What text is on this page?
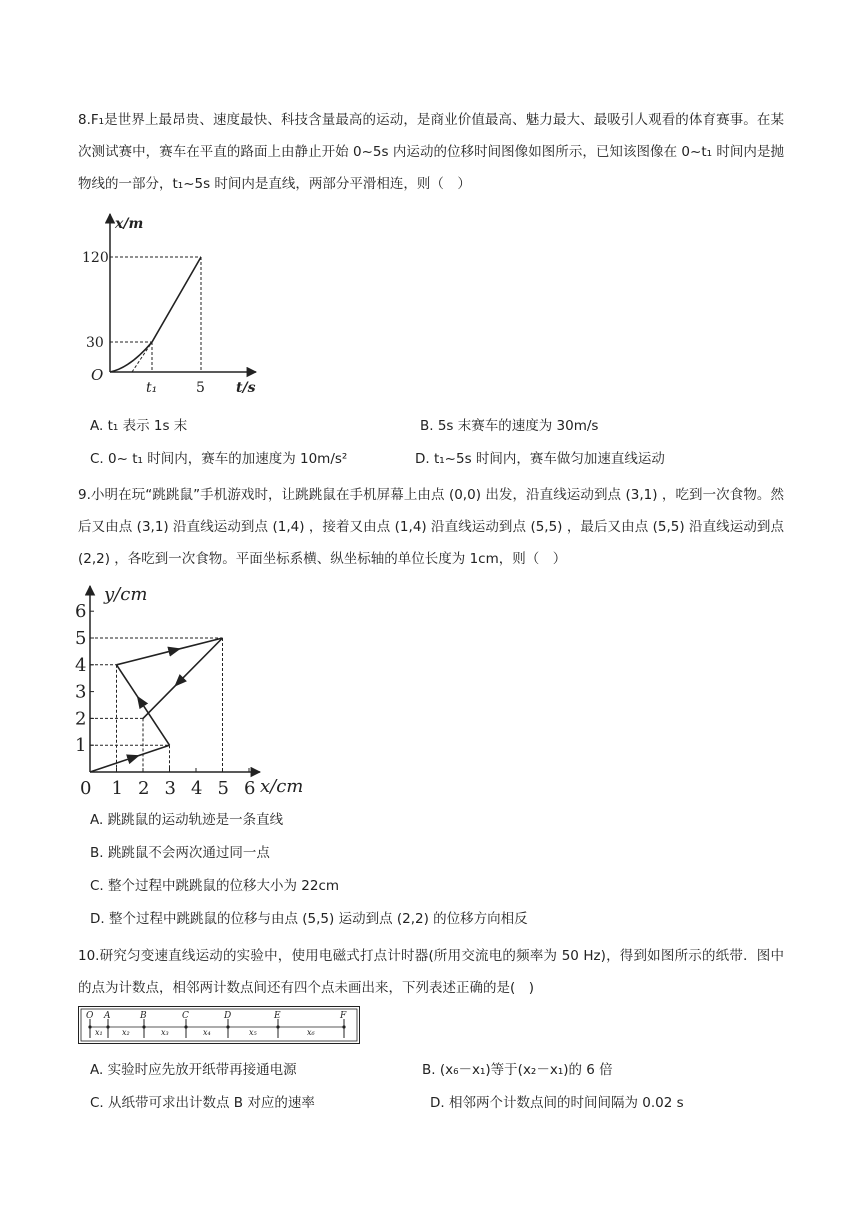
8.F₁是世界上最昂贵、速度最快、科技含量最高的运动，是商业价值最高、魅力最大、最吸引人观看的体育赛事。在某次测试赛中，赛车在平直的路面上由静止开始 0~5s 内运动的位移时间图像如图所示，已知该图像在 0~t₁ 时间内是抛物线的一部分，t₁~5s 时间内是直线，两部分平滑相连，则（　）

x/m
120
30
O
t₁	5 t/s
A. t₁ 表示 1s 末	B. 5s 末赛车的速度为 30m/s
C. 0~ t₁ 时间内，赛车的加速度为 10m/s²	D. t₁~5s 时间内，赛车做匀加速直线运动

9.小明在玩“跳跳鼠”手机游戏时，让跳跳鼠在手机屏幕上由点 (0,0) 出发，沿直线运动到点 (3,1) ，吃到一次食物。然后又由点 (3,1) 沿直线运动到点 (1,4) ，接着又由点 (1,4) 沿直线运动到点 (5,5) ，最后又由点 (5,5) 沿直线运动到点 (2,2) ，各吃到一次食物。平面坐标系横、纵坐标轴的单位长度为 1cm，则（　）

0 1 2 3 4 5 6
1
2
3
4
5
6
y/cm
x/cm
A. 跳跳鼠的运动轨迹是一条直线
B. 跳跳鼠不会两次通过同一点
C. 整个过程中跳跳鼠的位移大小为 22cm
D. 整个过程中跳跳鼠的位移与由点 (5,5) 运动到点 (2,2) 的位移方向相反

10.研究匀变速直线运动的实验中，使用电磁式打点计时器(所用交流电的频率为 50 Hz)，得到如图所示的纸带．图中的点为计数点，相邻两计数点间还有四个点未画出来，下列表述正确的是(　)

O A	B	C	D	E	F
x₁ x₂	x₃	x₄	x₅	x₆
A. 实验时应先放开纸带再接通电源	B. (x₆－x₁)等于(x₂－x₁)的 6 倍
C. 从纸带可求出计数点 B 对应的速率	D. 相邻两个计数点间的时间间隔为 0.02 s
